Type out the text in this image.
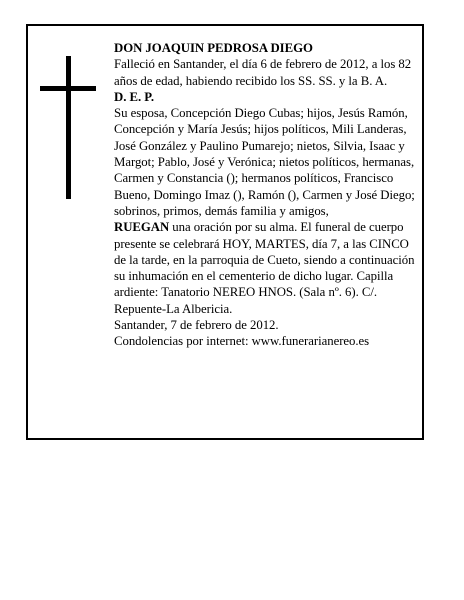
DON JOAQUIN PEDROSA DIEGO

Falleció en Santander, el día 6 de febrero de 2012, a los 82 años de edad, habiendo recibido los SS. SS. y la B. A.

D. E. P.

Su esposa, Concepción Diego Cubas; hijos, Jesús Ramón, Concepción y María Jesús; hijos políticos, Mili Landeras, José González y Paulino Pumarejo; nietos, Silvia, Isaac y Margot; Pablo, José y Verónica; nietos políticos, hermanas, Carmen y Constancia (); hermanos políticos, Francisco Bueno, Domingo Imaz (), Ramón (), Carmen y José Diego; sobrinos, primos, demás familia y amigos,

RUEGAN una oración por su alma. El funeral de cuerpo presente se celebrará HOY, MARTES, día 7, a las CINCO de la tarde, en la parroquia de Cueto, siendo a continuación su inhumación en el cementerio de dicho lugar. Capilla ardiente: Tanatorio NEREO HNOS. (Sala nº. 6). C/. Repuente-La Albericia.

Santander, 7 de febrero de 2012.

Condolencias por internet: www.funerarianereo.es
